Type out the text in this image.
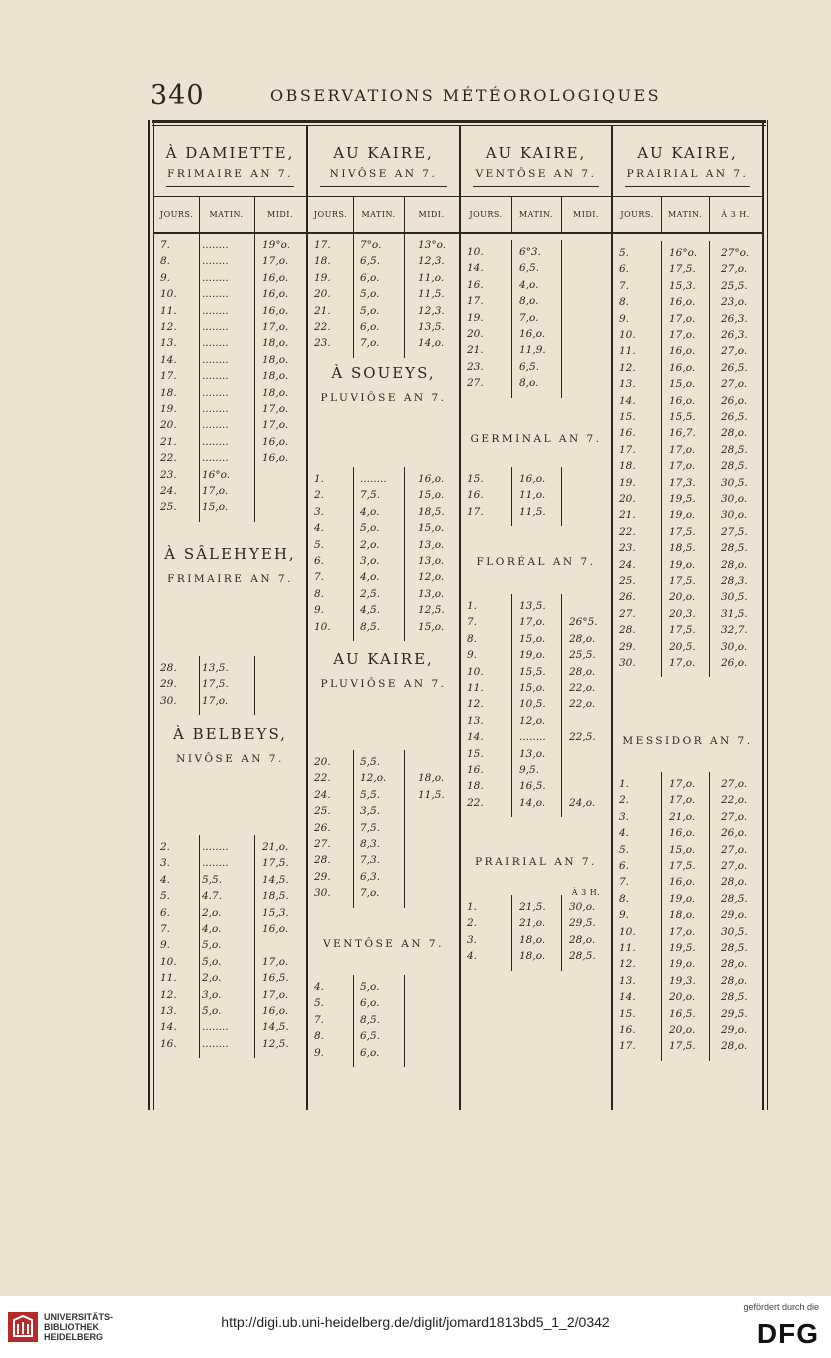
340	OBSERVATIONS MÉTÉOROLOGIQUES
À DAMIETTE,
FRIMAIRE AN 7.
JOURS.	MATIN.	MIDI.
7.	........	19°o.
8.	........	17,o.
9.	........	16,o.
10. ........	16,o.
11. ........	16,o.
12. ........	17,o.
13. ........	18,o.
14. ........	18,o.
17. ........	18,o.
18. ........	18,o.
19. ........	17,o.
20. ........	17,o.
21. ........	16,o.
22. ........	16,o.
23. 16°o.
24. 17,o.
25. 15,o.
À SÂLEHYEH,
FRIMAIRE AN 7.
28. 13,5.
29. 17,5.
30. 17,o.
À BELBEYS,
NIVÔSE AN 7.
2.	........	21,o.
3.	........	17,5.
4.	5,5.	14,5.
5.	4.7.	18,5.
6.	2,o.	15,3.
7.	4,o.	16,o.
9.	5,o.
10. 5,o.	17,o.
11. 2,o.	16,5.
12. 3,o.	17,o.
13. 5,o.	16,o.
14. ........	14,5.
16. ........	12,5.
AU KAIRE,
NIVÔSE AN 7.
JOURS.	MATIN.	MIDI.
17.	7°o.	13°o.
18.	6,5.	12,3.
19.	6,o.	11,o.
20.	5,o.	11,5.
21.	5,o.	12,3.
22.	6,o.	13,5.
23.	7,o.	14,o.
À SOUEYS,
PLUVIÔSE AN 7.
1.	........	16,o.
2.	7,5.	15,o.
3.	4,o.	18,5.
4.	5,o.	15,o.
5.	2,o.	13,o.
6.	3,o.	13,o.
7.	4,o.	12,o.
8.	2,5.	13,o.
9.	4,5.	12,5.
10.	8,5.	15,o.
AU KAIRE,
PLUVIÔSE AN 7.
20.	5,5.
22.	12,o.	18,o.
24.	5,5.	11,5.
25.	3,5.
26.	7,5.
27.	8,3.
28.	7,3.
29.	6,3.
30.	7,o.
VENTÔSE AN 7.
4.	5,o.
5.	6,o.
7.	8,5.
8.	6,5.
9.	6,o.
AU KAIRE,
VENTÔSE AN 7.
JOURS.	MATIN.	MIDI.
10.	6°3.
14.	6,5.
16.	4,o.
17.	8,o.
19.	7,o.
20.	16,o.
21.	11,9.
23.	6,5.
27.	8,o.
GERMINAL AN 7.
15.	16,o.
16.	11,o.
17.	11,5.
FLORÉAL AN 7.
1.	13,5.
7.	17,o. 26°5.
8.	15,o. 28,o.
9.	19,o. 25,5.
10.	15,5. 28,o.
11.	15,o. 22,o.
12.	10,5. 22,o.
13.	12,o.
14.	........ 22,5.
15.	13,o.
16.	9,5.
18.	16,5.
22.	14,o. 24,o.
PRAIRIAL AN 7.
À 3 H.
1.	21,5. 30,o.
2.	21,o. 29,5.
3.	18,o. 28,o.
4.	18,o. 28,5.
AU KAIRE,
PRAIRIAL AN 7.
JOURS.	MATIN.	À 3 H.
5.	16°o. 27°o.
6.	17,5. 27,o.
7.	15,3. 25,5.
8.	16,o. 23,o.
9.	17,o. 26,3.
10.	17,o. 26,3.
11.	16,o. 27,o.
12.	16,o. 26,5.
13.	15,o. 27,o.
14.	16,o. 26,o.
15.	15,5. 26,5.
16.	16,7. 28,o.
17.	17,o. 28,5.
18.	17,o. 28,5.
19.	17,3. 30,5.
20.	19,5. 30,o.
21.	19,o. 30,o.
22.	17,5. 27,5.
23.	18,5. 28,5.
24.	19,o. 28,o.
25.	17,5. 28,3.
26.	20,o. 30,5.
27.	20,3. 31,5.
28.	17,5. 32,7.
29.	20,5. 30,o.
30.	17,o. 26,o.
MESSIDOR AN 7.
1.	17,o. 27,o.
2.	17,o. 22,o.
3.	21,o. 27,o.
4.	16,o. 26,o.
5.	15,o. 27,o.
6.	17,5. 27,o.
7.	16,o. 28,o.
8.	19,o. 28,5.
9.	18,o. 29,o.
10.	17,o. 30,5.
11.	19,5. 28,5.
12.	19,o. 28,o.
13.	19,3. 28,o.
14.	20,o. 28,5.
15.	16,5. 29,5.
16.	20,o. 29,o.
17.	17,5. 28,o.
UNIVERSITÄTS-
BIBLIOTHEK
HEIDELBERG
http://digi.ub.uni-heidelberg.de/diglit/jomard1813bd5_1_2/0342
gefördert durch die
DFG
